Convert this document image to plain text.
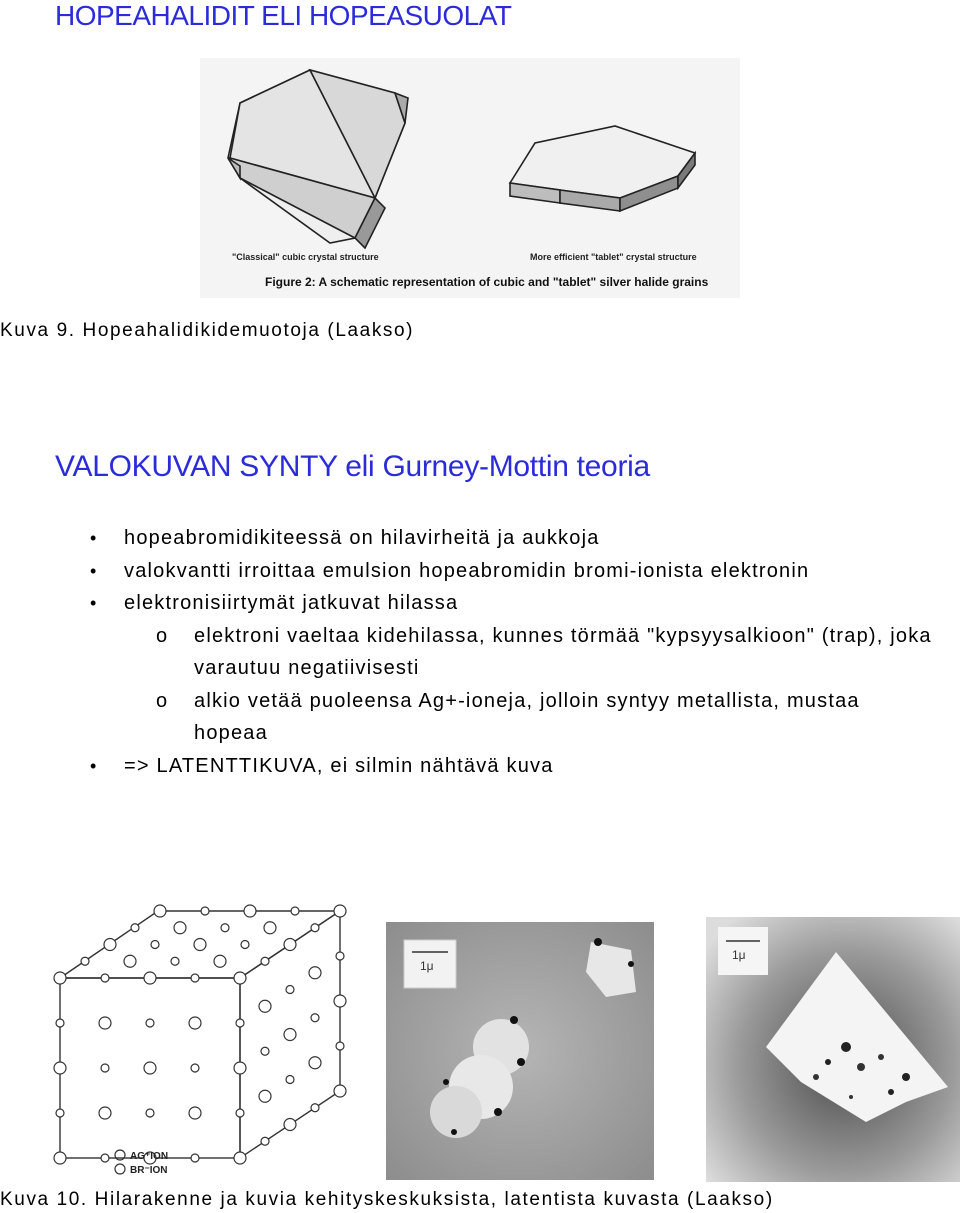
HOPEAHALIDIT ELI HOPEASUOLAT
"Classical" cubic crystal structure	More efficient "tablet" crystal structure
Figure 2: A schematic representation of cubic and "tablet" silver halide grains
Kuva 9. Hopeahalidikidemuotoja (Laakso)
VALOKUVAN SYNTY eli Gurney-Mottin teoria
• hopeabromidikiteessä on hilavirheitä ja aukkoja
• valokvantti irroittaa emulsion hopeabromidin bromi-ionista elektronin
• elektronisiirtymät jatkuvat hilassa
o elektroni vaeltaa kidehilassa, kunnes törmää "kypsyysalkioon" (trap), joka varautuu negatiivisesti
o alkio vetää puoleensa Ag+-ioneja, jolloin syntyy metallista, mustaa hopeaa
• => LATENTTIKUVA, ei silmin nähtävä kuva
AG⁺ION
BR⁻ION
1μ
1μ
Kuva 10. Hilarakenne ja kuvia kehityskeskuksista, latentista kuvasta (Laakso)
